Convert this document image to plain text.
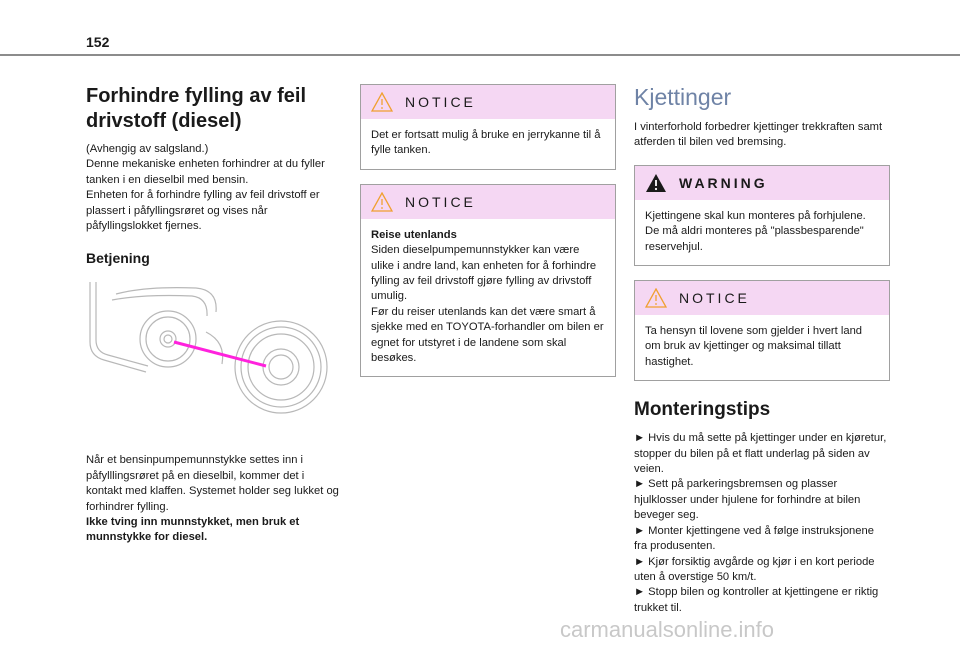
152
Forhindre fylling av feil drivstoff (diesel)
(Avhengig av salgsland.)
Denne mekaniske enheten forhindrer at du fyller tanken i en dieselbil med bensin.
Enheten for å forhindre fylling av feil drivstoff er plassert i påfyllingsrøret og vises når påfyllingslokket fjernes.
Betjening
Når et bensinpumpemunnstykke settes inn i påfylllingsrøret på en dieselbil, kommer det i kontakt med klaffen. Systemet holder seg lukket og forhindrer fylling.
Ikke tving inn munnstykket, men bruk et munnstykke for diesel.
NOTICE
Det er fortsatt mulig å bruke en jerrykanne til å fylle tanken.
NOTICE
Reise utenlands
Siden dieselpumpemunnstykker kan være ulike i andre land, kan enheten for å forhindre fylling av feil drivstoff gjøre fylling av drivstoff umulig.
Før du reiser utenlands kan det være smart å sjekke med en TOYOTA-forhandler om bilen er egnet for utstyret i de landene som skal besøkes.
Kjettinger
I vinterforhold forbedrer kjettinger trekkraften samt atferden til bilen ved bremsing.
WARNING
Kjettingene skal kun monteres på forhjulene. De må aldri monteres på "plassbesparende" reservehjul.
NOTICE
Ta hensyn til lovene som gjelder i hvert land om bruk av kjettinger og maksimal tillatt hastighet.
Monteringstips
► Hvis du må sette på kjettinger under en kjøretur, stopper du bilen på et flatt underlag på siden av veien.
► Sett på parkeringsbremsen og plasser hjulklosser under hjulene for forhindre at bilen beveger seg.
► Monter kjettingene ved å følge instruksjonene fra produsenten.
► Kjør forsiktig avgårde og kjør i en kort periode uten å overstige 50 km/t.
► Stopp bilen og kontroller at kjettingene er riktig trukket til.
carmanualsonline.info
